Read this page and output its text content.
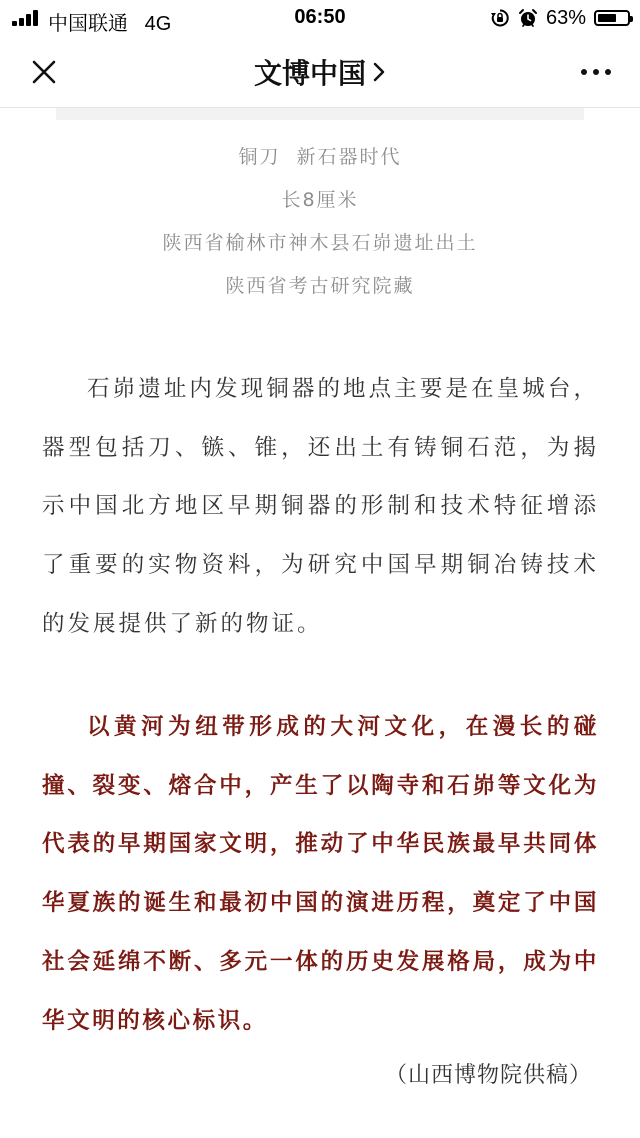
中国联通 4G	06:50	63%
文博中国

铜刀  新石器时代

长8厘米

陕西省榆林市神木县石峁遗址出土

陕西省考古研究院藏

石峁遗址内发现铜器的地点主要是在皇城台，器型包括刀、镞、锥，还出土有铸铜石范，为揭示中国北方地区早期铜器的形制和技术特征增添了重要的实物资料，为研究中国早期铜冶铸技术的发展提供了新的物证。

以黄河为纽带形成的大河文化，在漫长的碰撞、裂变、熔合中，产生了以陶寺和石峁等文化为代表的早期国家文明，推动了中华民族最早共同体华夏族的诞生和最初中国的演进历程，奠定了中国社会延绵不断、多元一体的历史发展格局，成为中华文明的核心标识。

（山西博物院供稿）
